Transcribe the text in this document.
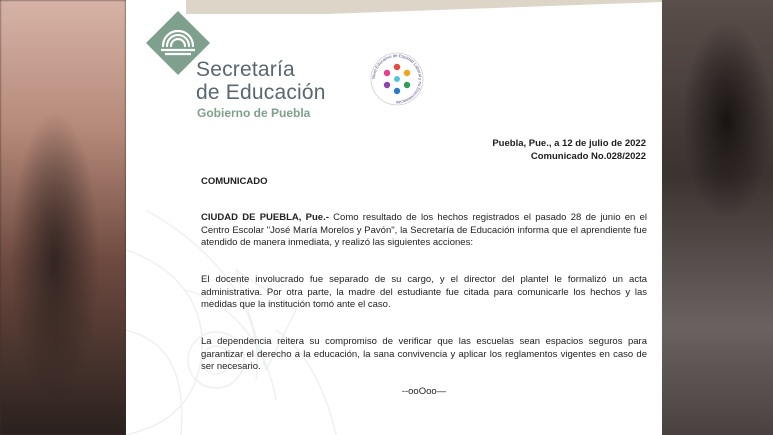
Secretaría
de Educación
Gobierno de Puebla
Nivel Educativo de Equidad Laboral y no Discriminación
Puebla, Pue., a 12 de julio de 2022
Comunicado No.028/2022
COMUNICADO

CIUDAD DE PUEBLA, Pue.- Como resultado de los hechos registrados el pasado 28 de junio en el Centro Escolar "José María Morelos y Pavón", la Secretaría de Educación informa que el aprendiente fue atendido de manera inmediata, y realizó las siguientes acciones:

El docente involucrado fue separado de su cargo, y el director del plantel le formalizó un acta administrativa. Por otra parte, la madre del estudiante fue citada para comunicarle los hechos y las medidas que la institución tomó ante el caso.

La dependencia reitera su compromiso de verificar que las escuelas sean espacios seguros para garantizar el derecho a la educación, la sana convivencia y aplicar los reglamentos vigentes en caso de ser necesario.

--ooOoo—
